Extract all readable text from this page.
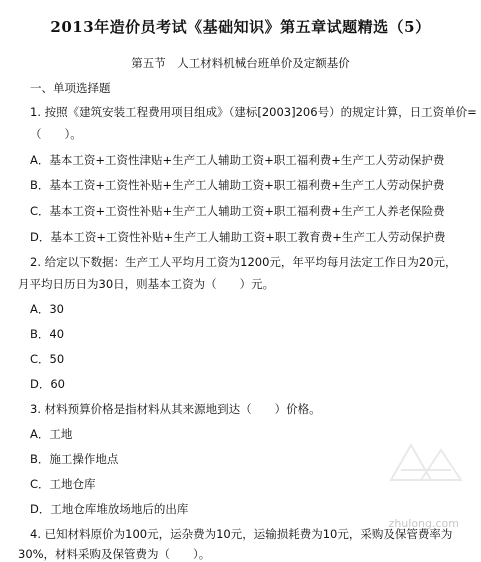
2013年造价员考试《基础知识》第五章试题精选（5）
第五节　人工材料机械台班单价及定额基价
一、单项选择题
1. 按照《建筑安装工程费用项目组成》（建标[2003]206号）的规定计算，日工资单价=
（　　）。
A．基本工资+工资性津贴+生产工人辅助工资+职工福利费+生产工人劳动保护费
B．基本工资+工资性补贴+生产工人辅助工资+职工福利费+生产工人劳动保护费
C．基本工资+工资性补贴+生产工人辅助工资+职工福利费+生产工人养老保险费
D．基本工资+工资性补贴+生产工人辅助工资+职工教育费+生产工人劳动保护费
2. 给定以下数据：生产工人平均月工资为1200元，年平均每月法定工作日为20元，
月平均日历日为30日，则基本工资为（　　）元。
A．30
B．40
C．50
D．60
3. 材料预算价格是指材料从其来源地到达（　　）价格。
A．工地
B．施工操作地点
C．工地仓库
D．工地仓库堆放场地后的出库
4. 已知材料原价为100元，运杂费为10元，运输损耗费为10元，采购及保管费率为
30%，材料采购及保管费为（　　）。
zhulong.com
